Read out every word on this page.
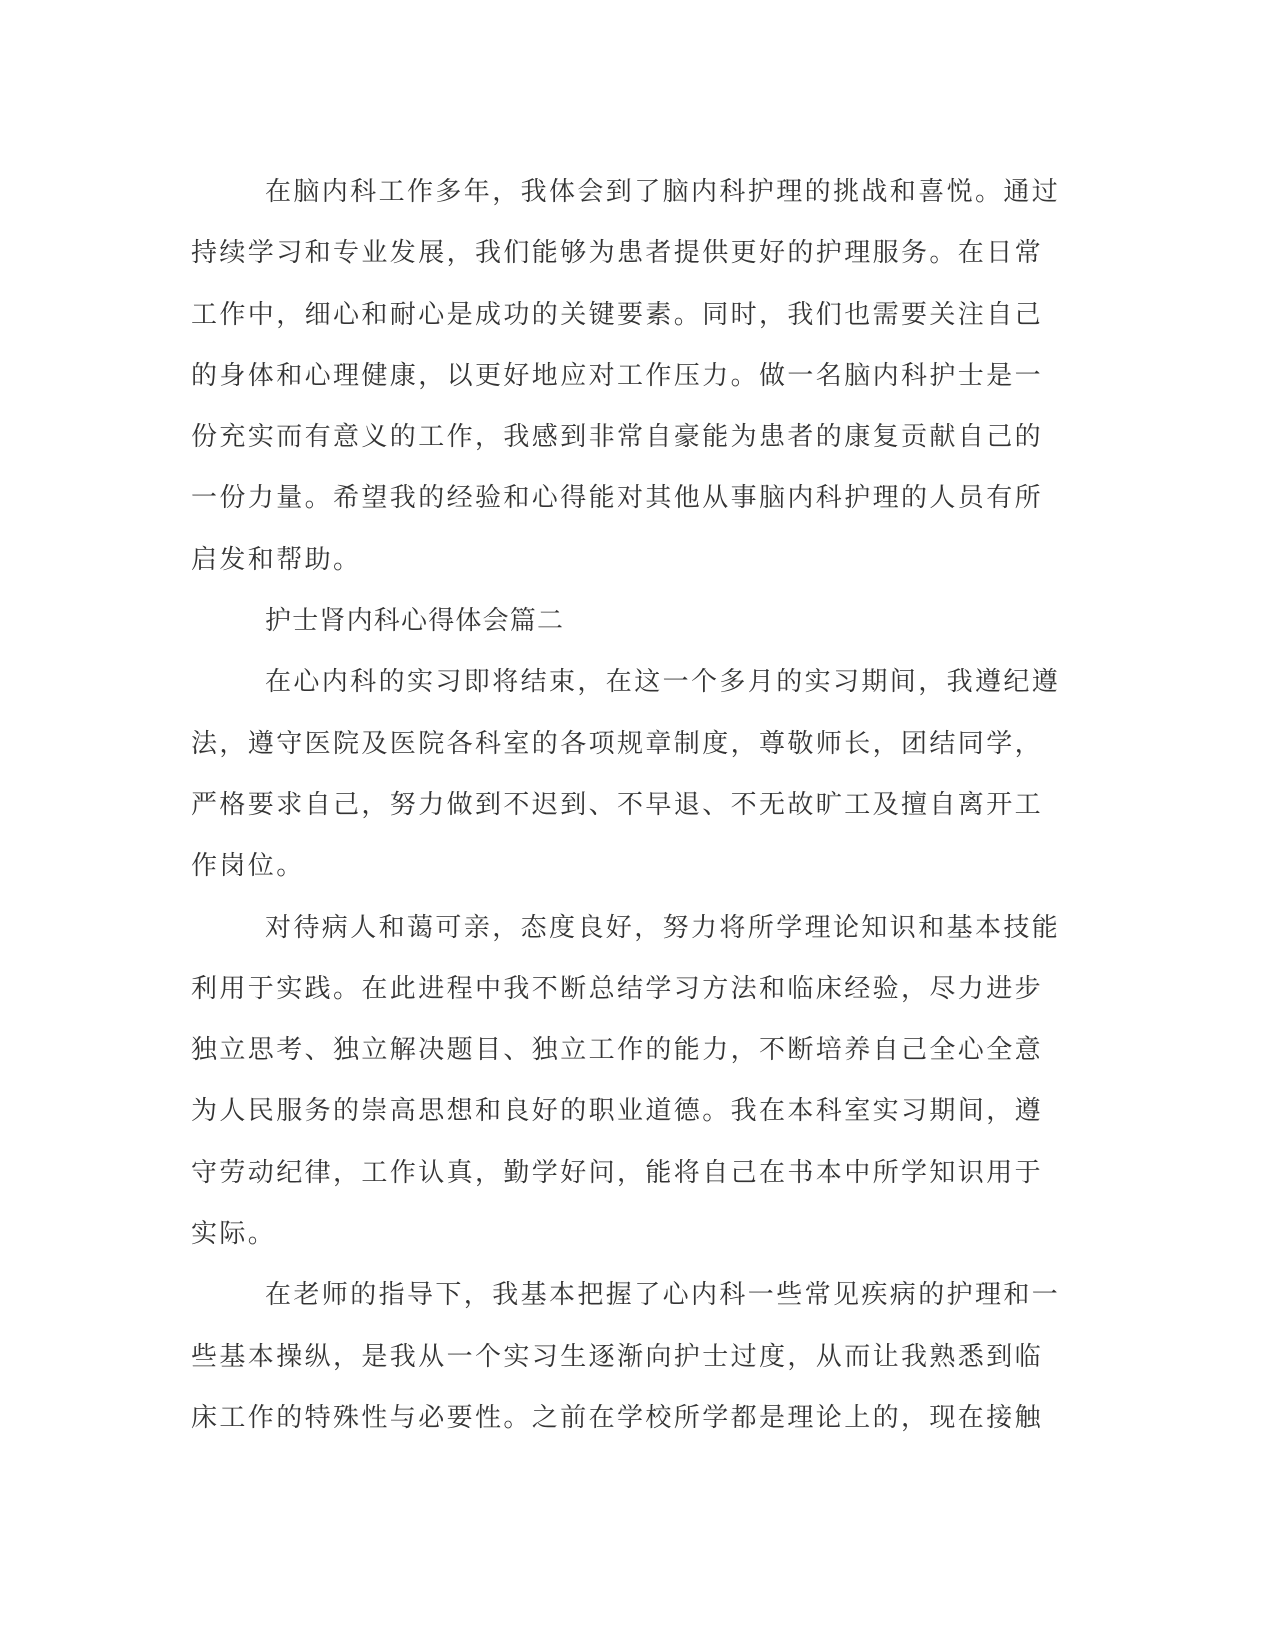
在脑内科工作多年，我体会到了脑内科护理的挑战和喜悦。通过
持续学习和专业发展，我们能够为患者提供更好的护理服务。在日常
工作中，细心和耐心是成功的关键要素。同时，我们也需要关注自己
的身体和心理健康，以更好地应对工作压力。做一名脑内科护士是一
份充实而有意义的工作，我感到非常自豪能为患者的康复贡献自己的
一份力量。希望我的经验和心得能对其他从事脑内科护理的人员有所
启发和帮助。
护士肾内科心得体会篇二
在心内科的实习即将结束，在这一个多月的实习期间，我遵纪遵
法，遵守医院及医院各科室的各项规章制度，尊敬师长，团结同学，
严格要求自己，努力做到不迟到、不早退、不无故旷工及擅自离开工
作岗位。
对待病人和蔼可亲，态度良好，努力将所学理论知识和基本技能
利用于实践。在此进程中我不断总结学习方法和临床经验，尽力进步
独立思考、独立解决题目、独立工作的能力，不断培养自己全心全意
为人民服务的崇高思想和良好的职业道德。我在本科室实习期间，遵
守劳动纪律，工作认真，勤学好问，能将自己在书本中所学知识用于
实际。
在老师的指导下，我基本把握了心内科一些常见疾病的护理和一
些基本操纵，是我从一个实习生逐渐向护士过度，从而让我熟悉到临
床工作的特殊性与必要性。之前在学校所学都是理论上的，现在接触
